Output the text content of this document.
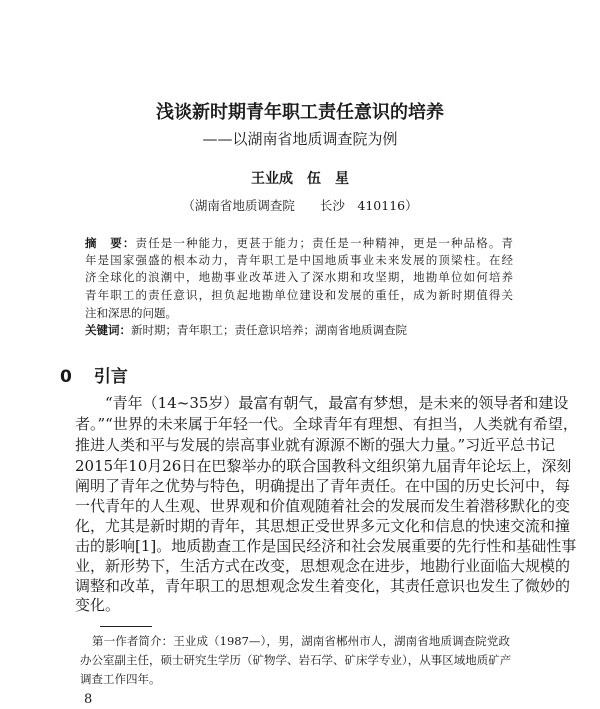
浅谈新时期青年职工责任意识的培养
——以湖南省地质调查院为例
王业成　伍　星
（湖南省地质调查院　　长沙　410116）
摘　要：责任是一种能力，更甚于能力；责任是一种精神，更是一种品格。青
年是国家强盛的根本动力，青年职工是中国地质事业未来发展的顶梁柱。在经
济全球化的浪潮中，地勘事业改革进入了深水期和攻坚期，地勘单位如何培养
青年职工的责任意识，担负起地勘单位建设和发展的重任，成为新时期值得关
注和深思的问题。
关键词：新时期；青年职工；责任意识培养；湖南省地质调查院
0 引言
“青年（14~35岁）最富有朝气，最富有梦想，是未来的领导者和建设
者。”“世界的未来属于年轻一代。全球青年有理想、有担当，人类就有希望，
推进人类和平与发展的崇高事业就有源源不断的强大力量。”习近平总书记
2015年10月26日在巴黎举办的联合国教科文组织第九届青年论坛上，深刻
阐明了青年之优势与特色，明确提出了青年责任。在中国的历史长河中，每
一代青年的人生观、世界观和价值观随着社会的发展而发生着潜移默化的变
化，尤其是新时期的青年，其思想正受世界多元文化和信息的快速交流和撞
击的影响[1]。地质勘查工作是国民经济和社会发展重要的先行性和基础性事
业，新形势下，生活方式在改变，思想观念在进步，地勘行业面临大规模的
调整和改革，青年职工的思想观念发生着变化，其责任意识也发生了微妙的
变化。
第一作者简介：王业成（1987—），男，湖南省郴州市人，湖南省地质调查院党政
办公室副主任，硕士研究生学历（矿物学、岩石学、矿床学专业），从事区域地质矿产
调查工作四年。
8
